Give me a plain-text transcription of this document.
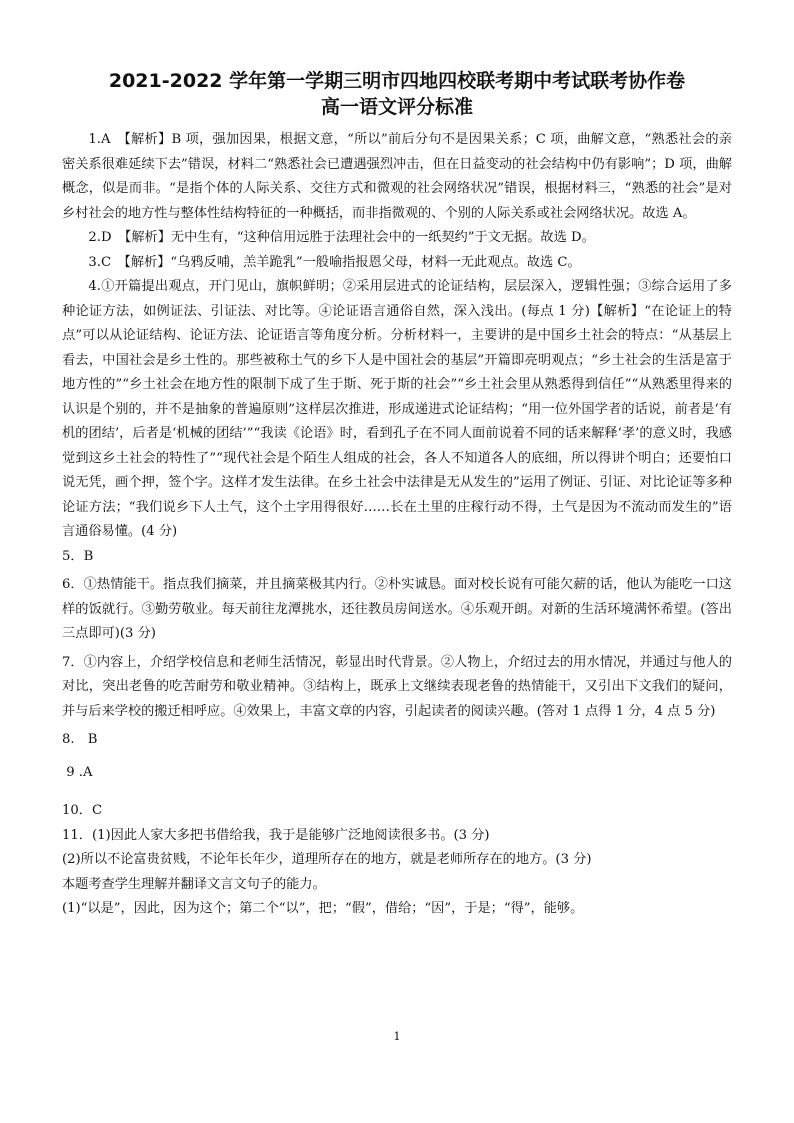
2021-2022 学年第一学期三明市四地四校联考期中考试联考协作卷
高一语文评分标准

1.A　【解析】B 项，强加因果，根据文意，“所以”前后分句不是因果关系；C 项，曲解文意，“熟悉社会的亲密关系很难延续下去”错误，材料二“熟悉社会已遭遇强烈冲击，但在日益变动的社会结构中仍有影响”；D 项，曲解概念，似是而非。“是指个体的人际关系、交往方式和微观的社会网络状况”错误，根据材料三，“熟悉的社会”是对乡村社会的地方性与整体性结构特征的一种概括，而非指微观的、个别的人际关系或社会网络状况。故选 A。

2.D　【解析】无中生有，“这种信用远胜于法理社会中的一纸契约”于文无据。故选 D。

3.C　【解析】“乌鸦反哺，羔羊跪乳”一般喻指报恩父母，材料一无此观点。故选 C。

4.①开篇提出观点，开门见山，旗帜鲜明；②采用层进式的论证结构，层层深入，逻辑性强；③综合运用了多种论证方法，如例证法、引证法、对比等。④论证语言通俗自然，深入浅出。(每点 1 分)【解析】“在论证上的特点”可以从论证结构、论证方法、论证语言等角度分析。分析材料一，主要讲的是中国乡土社会的特点：“从基层上看去，中国社会是乡土性的。那些被称土气的乡下人是中国社会的基层”开篇即亮明观点；“乡土社会的生活是富于地方性的”“乡土社会在地方性的限制下成了生于斯、死于斯的社会”“乡土社会里从熟悉得到信任”“从熟悉里得来的认识是个别的，并不是抽象的普遍原则”这样层次推进，形成递进式论证结构；“用一位外国学者的话说，前者是‘有机的团结’，后者是‘机械的团结’”“我读《论语》时，看到孔子在不同人面前说着不同的话来解释‘孝’的意义时，我感觉到这乡土社会的特性了”“现代社会是个陌生人组成的社会，各人不知道各人的底细，所以得讲个明白；还要怕口说无凭，画个押，签个字。这样才发生法律。在乡土社会中法律是无从发生的”运用了例证、引证、对比论证等多种论证方法；“我们说乡下人土气，这个土字用得很好……长在土里的庄稼行动不得，土气是因为不流动而发生的”语言通俗易懂。(4 分)

5．B

6．①热情能干。指点我们摘菜，并且摘菜极其内行。②朴实诚恳。面对校长说有可能欠薪的话，他认为能吃一口这样的饭就行。③勤劳敬业。每天前往龙潭挑水，还往教员房间送水。④乐观开朗。对新的生活环境满怀希望。(答出三点即可)(3 分)

7．①内容上，介绍学校信息和老师生活情况，彰显出时代背景。②人物上，介绍过去的用水情况，并通过与他人的对比，突出老鲁的吃苦耐劳和敬业精神。③结构上，既承上文继续表现老鲁的热情能干，又引出下文我们的疑问，并与后来学校的搬迁相呼应。④效果上，丰富文章的内容，引起读者的阅读兴趣。(答对 1 点得 1 分，4 点 5 分)

8.　B

9 .A

10．C

11．(1)因此人家大多把书借给我，我于是能够广泛地阅读很多书。(3 分)

(2)所以不论富贵贫贱，不论年长年少，道理所存在的地方，就是老师所存在的地方。(3 分)

本题考查学生理解并翻译文言文句子的能力。

(1)“以是”，因此，因为这个；第二个“以”，把；“假”，借给；“因”，于是；“得”，能够。

1
